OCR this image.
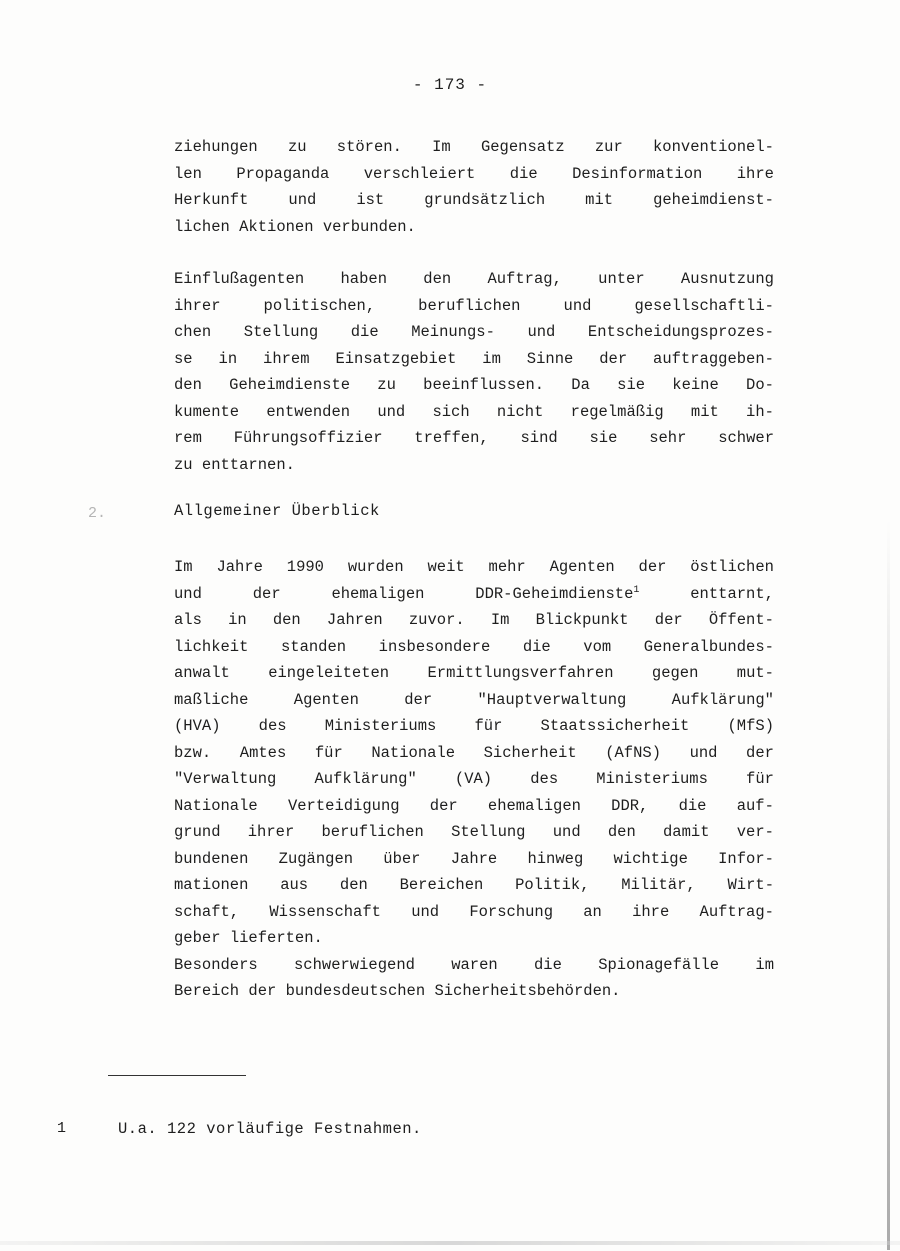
- 173 -
ziehungen zu stören. Im Gegensatz zur konventionel-
len Propaganda verschleiert die Desinformation ihre
Herkunft	und	ist	grundsätzlich	mit	geheimdienst-
lichen Aktionen verbunden.
Einflußagenten haben den Auftrag, unter Ausnutzung
ihrer	politischen,	beruflichen	und	gesellschaftli-
chen Stellung die Meinungs- und Entscheidungsprozes-
se in ihrem Einsatzgebiet im Sinne der auftraggeben-
den Geheimdienste zu beeinflussen. Da sie keine Do-
kumente entwenden und sich nicht regelmäßig mit ih-
rem Führungsoffizier treffen, sind sie sehr schwer
zu enttarnen.
2.	Allgemeiner Überblick
Im Jahre 1990 wurden weit mehr Agenten der östlichen
und	der	ehemaligen	DDR-Geheimdienste$^1$	enttarnt,
als in den Jahren zuvor. Im Blickpunkt der Öffent-
lichkeit standen insbesondere die vom Generalbundes-
anwalt eingeleiteten Ermittlungsverfahren gegen mut-
maßliche	Agenten	der	"Hauptverwaltung	Aufklärung"
(HVA) des Ministeriums für Staatssicherheit (MfS)
bzw. Amtes für Nationale Sicherheit (AfNS) und der
"Verwaltung Aufklärung" (VA) des Ministeriums für
Nationale Verteidigung der ehemaligen DDR, die auf-
grund ihrer beruflichen Stellung und den damit ver-
bundenen Zugängen über Jahre hinweg wichtige Infor-
mationen aus den Bereichen Politik, Militär, Wirt-
schaft, Wissenschaft und Forschung an ihre Auftrag-
geber lieferten.
Besonders schwerwiegend waren die Spionagefälle im
Bereich der bundesdeutschen Sicherheitsbehörden.
1	U.a. 122 vorläufige Festnahmen.
